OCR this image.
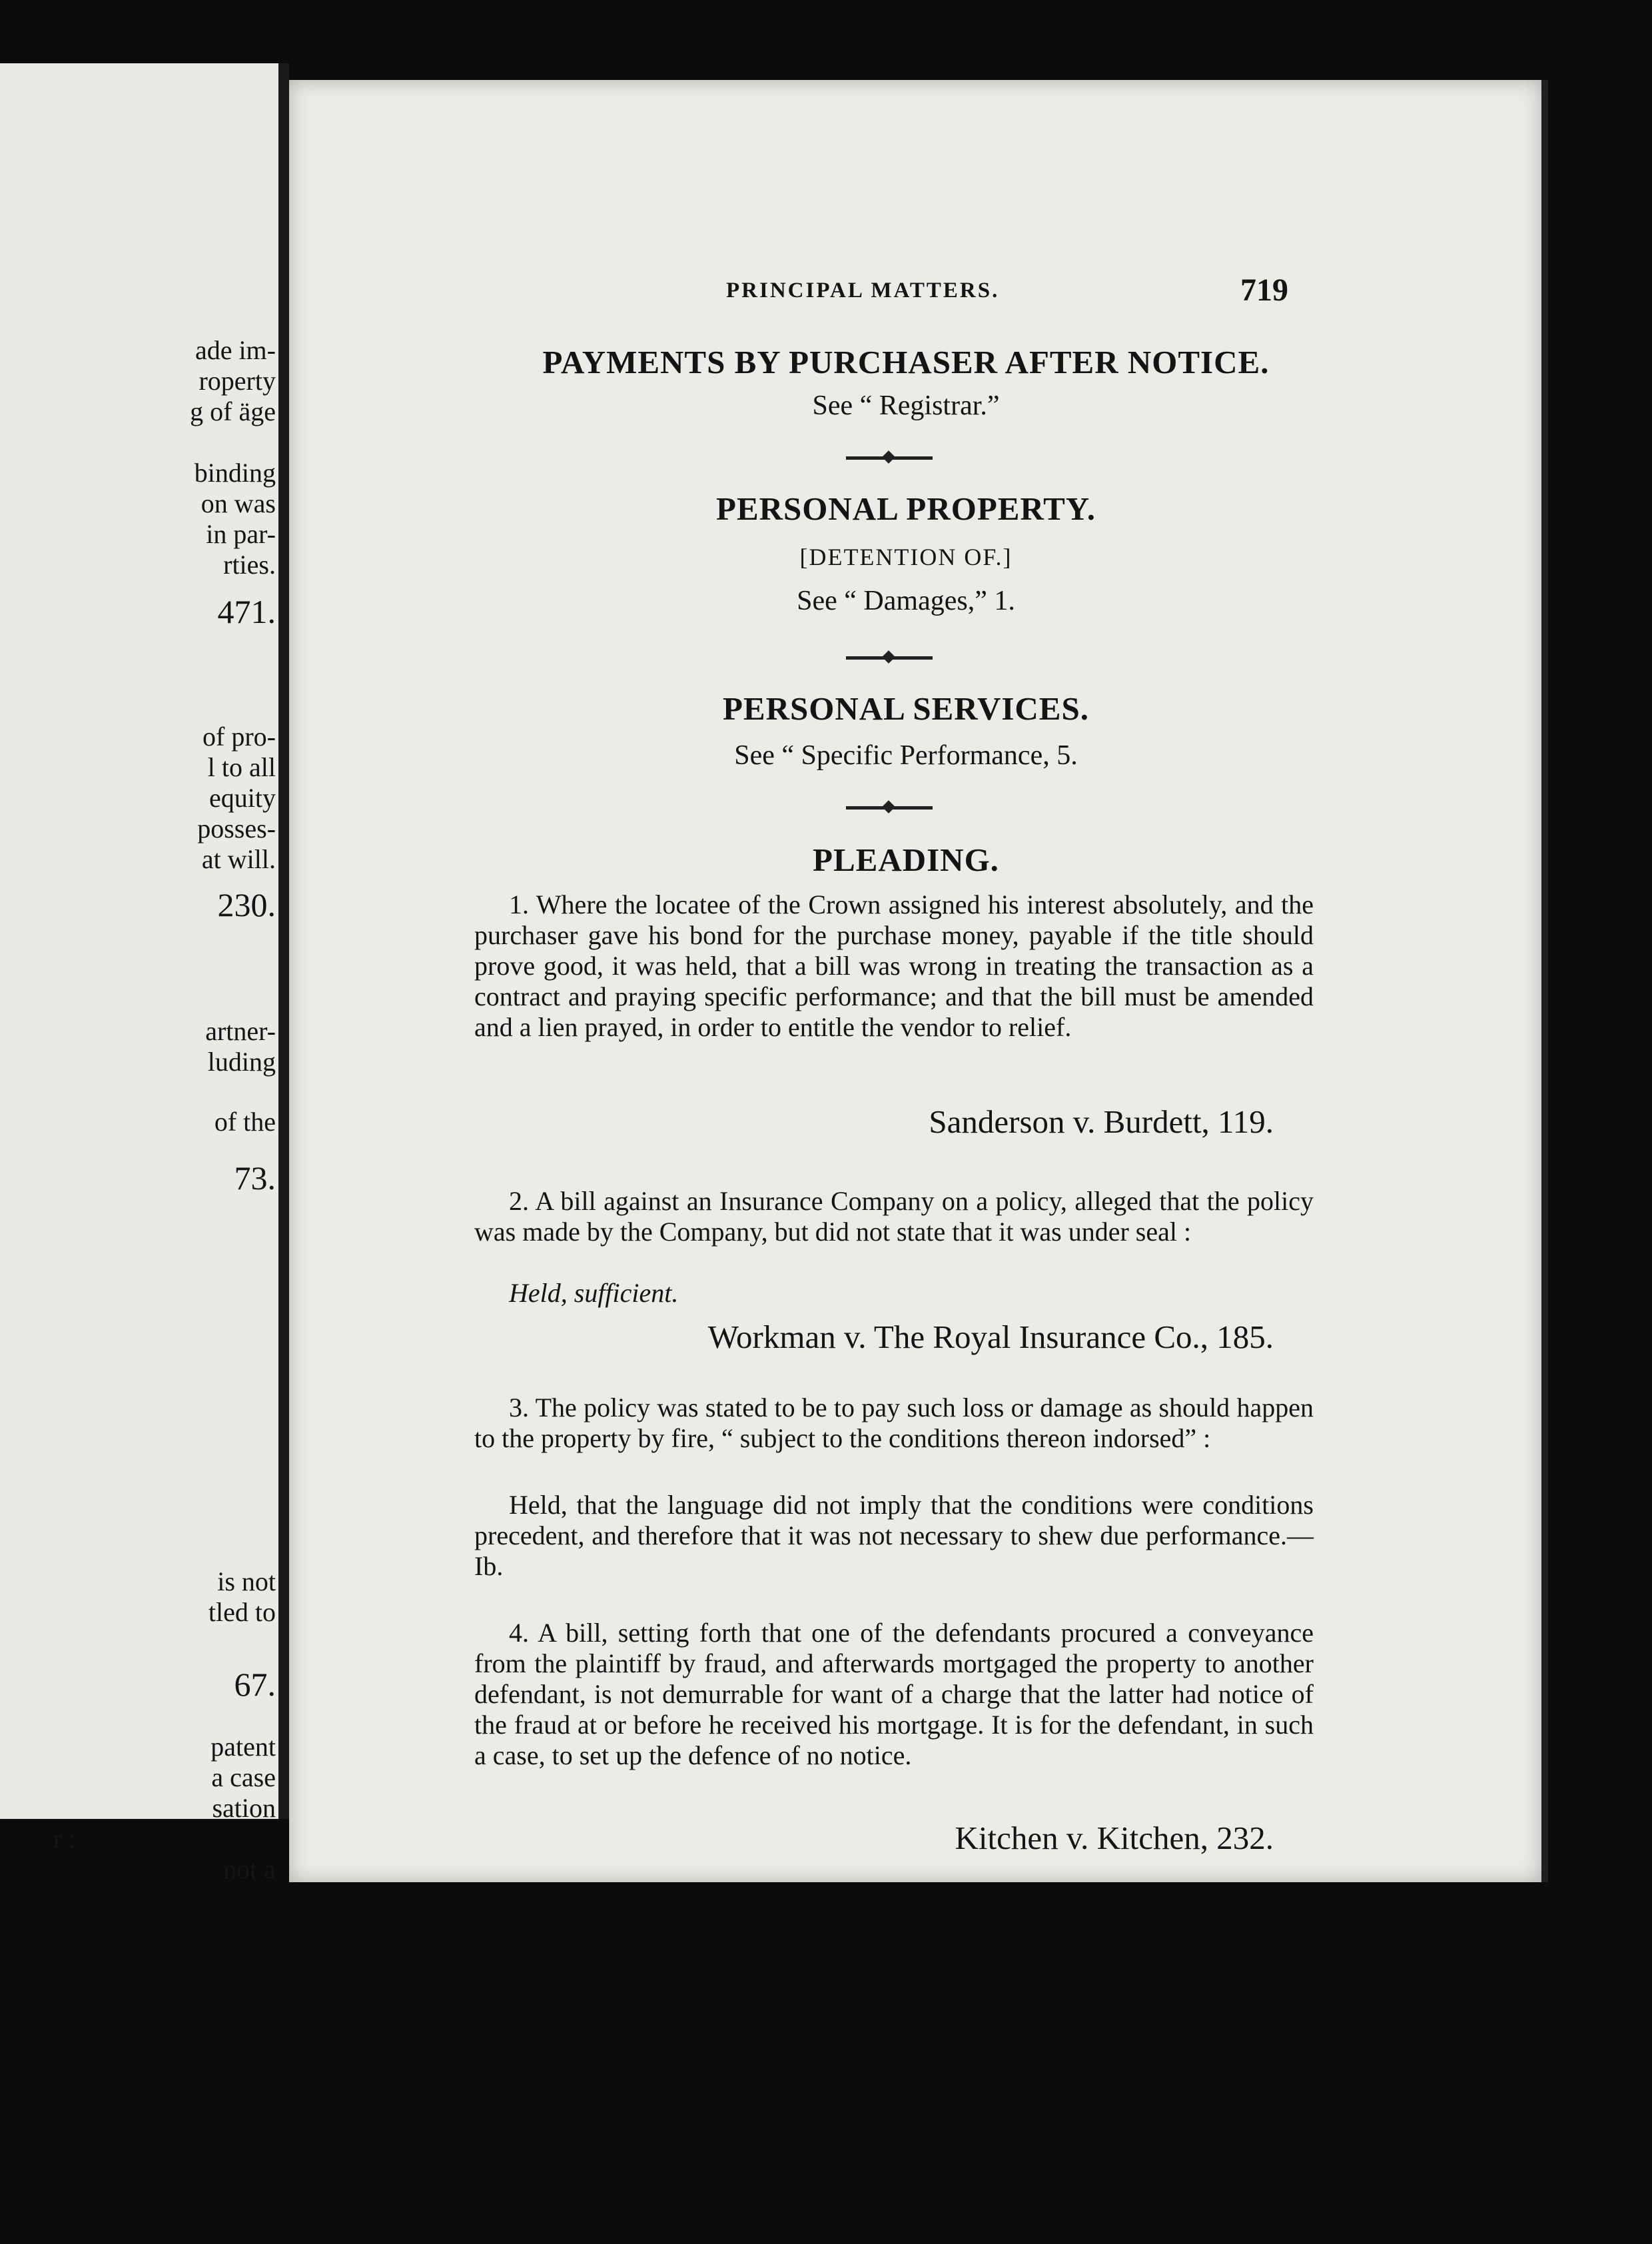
ade im-
roperty
g of äge
binding
on was
in par-
rties.
471.
of pro-
l to all
equity
posses-
at will.
230.
artner-
luding
of the
73.
is not
tled to
67.
patent
a case
sation
r :
not a
PRINCIPAL MATTERS.	719
PAYMENTS BY PURCHASER AFTER NOTICE.
See “ Registrar.”
PERSONAL PROPERTY.
[DETENTION OF.]
See “ Damages,” 1.
PERSONAL SERVICES.
See “ Specific Performance, 5.
PLEADING.
1. Where the locatee of the Crown assigned his interest absolutely, and the purchaser gave his bond for the purchase money, payable if the title should prove good, it was held, that a bill was wrong in treating the transaction as a contract and praying specific performance; and that the bill must be amended and a lien prayed, in order to entitle the vendor to relief.
Sanderson v. Burdett, 119.
2. A bill against an Insurance Company on a policy, alleged that the policy was made by the Company, but did not state that it was under seal :
Held, sufficient.
Workman v. The Royal Insurance Co., 185.
3. The policy was stated to be to pay such loss or damage as should happen to the property by fire, “ subject to the conditions thereon indorsed” :
Held, that the language did not imply that the conditions were conditions precedent, and therefore that it was not necessary to shew due performance.—Ib.
4. A bill, setting forth that one of the defendants procured a conveyance from the plaintiff by fraud, and afterwards mortgaged the property to another defendant, is not demurrable for want of a charge that the latter had notice of the fraud at or before he received his mortgage. It is for the defendant, in such a case, to set up the defence of no notice.
Kitchen v. Kitchen, 232.
